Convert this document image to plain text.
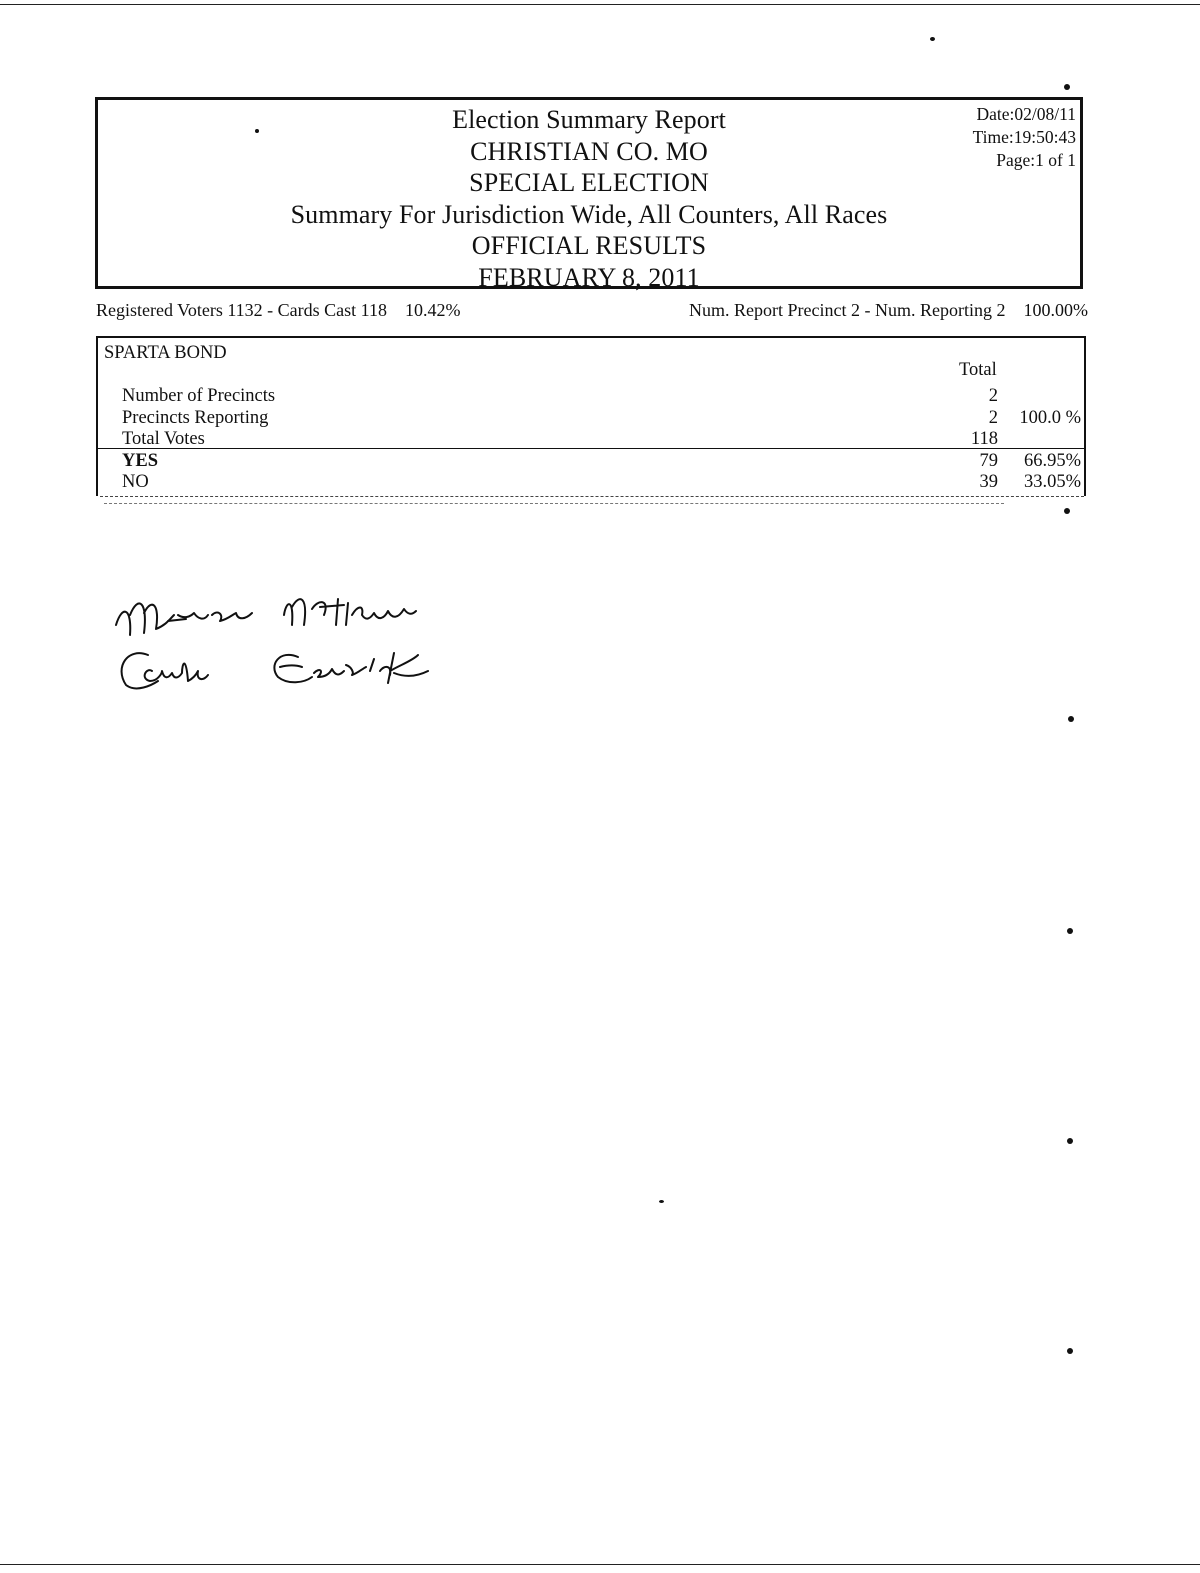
Election Summary Report
CHRISTIAN CO. MO
SPECIAL ELECTION
Summary For Jurisdiction Wide, All Counters, All Races
OFFICIAL RESULTS
FEBRUARY 8, 2011
Date:02/08/11
Time:19:50:43
Page:1 of 1
Registered Voters 1132 - Cards Cast 118 10.42%	Num. Report Precinct 2 - Num. Reporting 2 100.00%
SPARTA BOND
Total
Number of Precincts	2
Precincts Reporting	2 100.0 %
Total Votes	118
YES	79 66.95%
NO	39 33.05%
